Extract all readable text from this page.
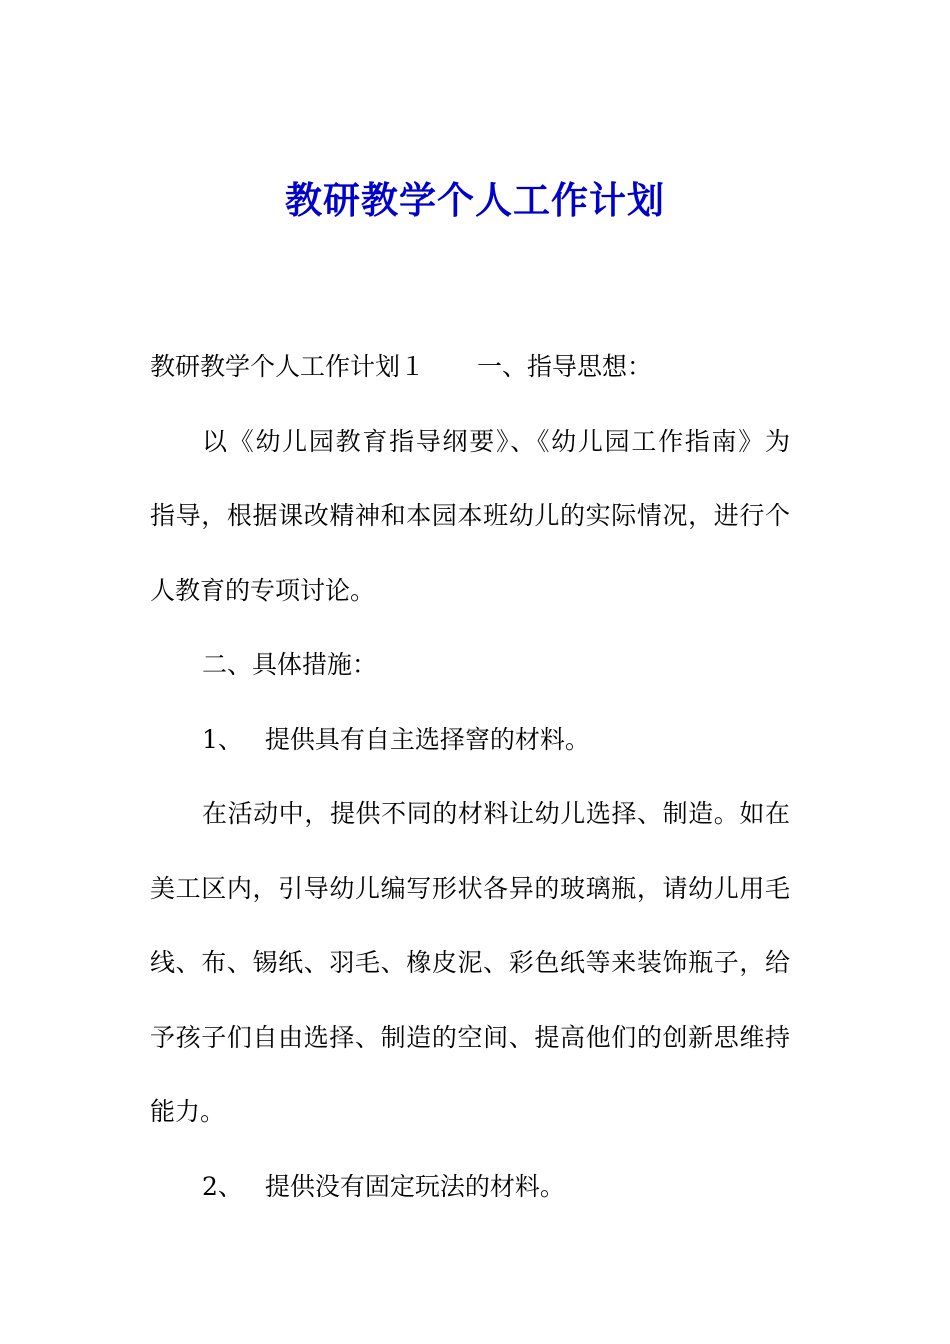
教研教学个人工作计划
教研教学个人工作计划１ 一、指导思想：
以《幼儿园教育指导纲要》、《幼儿园工作指南》为
指导，根据课改精神和本园本班幼儿的实际情况，进行个
人教育的专项讨论。
二、具体措施：
1、 提供具有自主选择窨的材料。
在活动中，提供不同的材料让幼儿选择、制造。如在
美工区内，引导幼儿编写形状各异的玻璃瓶，请幼儿用毛
线、布、锡纸、羽毛、橡皮泥、彩色纸等来装饰瓶子，给
予孩子们自由选择、制造的空间、提高他们的创新思维持
能力。
2、 提供没有固定玩法的材料。
